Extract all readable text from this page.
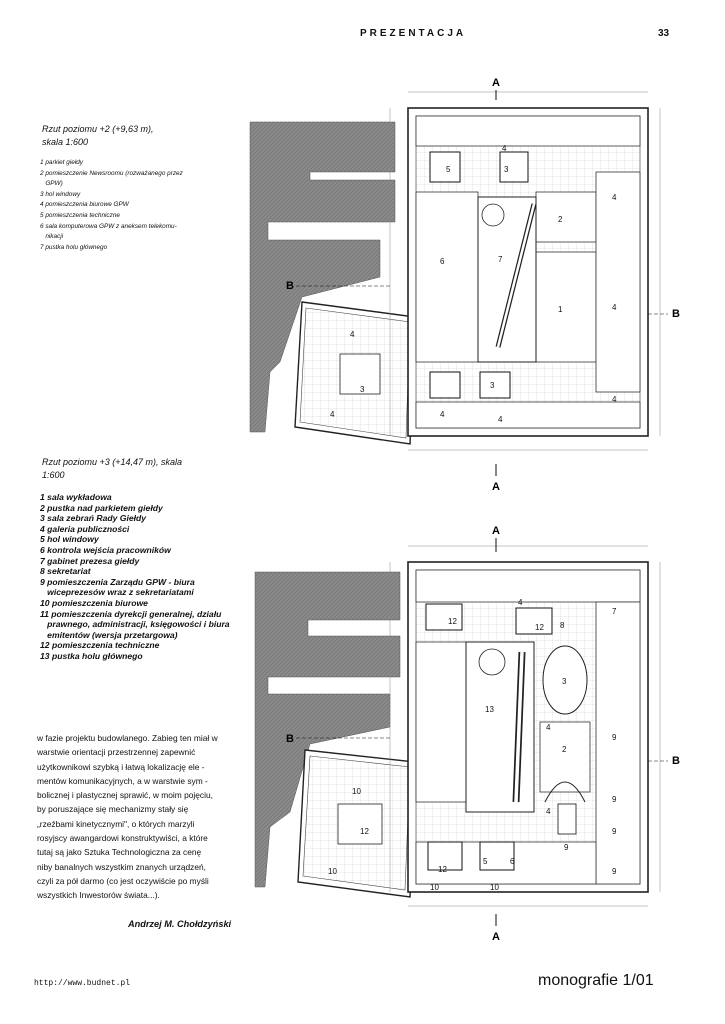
PREZENTACJA	33
Rzut poziomu +2 (+9,63 m),
skala 1:600
1 parkiet giełdy
2 pomieszczenie Newsroomu (rozważanego przez
GPW)
3 hol windowy
4 pomieszczenia biurowe GPW
5 pomieszczenia techniczne
6 sala komputerowa GPW z aneksem telekomu-
nikacji
7 pustka holu głównego
Rzut poziomu +3 (+14,47 m), skala
1:600
1 sala wykładowa
2 pustka nad parkietem giełdy
3 sala zebrań Rady Giełdy
4 galeria publiczności
5 hol windowy
6 kontrola wejścia pracowników
7 gabinet prezesa giełdy
8 sekretariat
9 pomieszczenia Zarządu GPW - biura
wiceprezesów wraz z sekretariatami
10 pomieszczenia biurowe
11 pomieszczenia dyrekcji generalnej, działu
prawnego, administracji, księgowości i biura
emitentów (wersja przetargowa)
12 pomieszczenia techniczne
13 pustka holu głównego
4
3
5
2
4
1
6	7
4
4
3
4
4
4
3
4
A
A
B
B
4
12
12 8
7
3
13
4
2
4
9
9
9
9
9
12
5	6
10
10
10
12
10
A
A
B
B
w fazie projektu budowlanego. Zabieg ten miał w
warstwie orientacji przestrzennej zapewnić
użytkownikowi szybką i łatwą lokalizację ele -
mentów komunikacyjnych, a w warstwie sym -
bolicznej i plastycznej sprawić, w moim pojęciu,
by poruszające się mechanizmy stały się
„rzeźbami kinetycznymi", o których marzyli
rosyjscy awangardowi konstruktywiści, a które
tutaj są jako Sztuka Technologiczna za cenę
niby banalnych wszystkim znanych urządzeń,
czyli za pół darmo (co jest oczywiście po myśli
wszystkich Inwestorów świata...).
Andrzej M. Chołdzyński
http://www.budnet.pl	monografie 1/01
